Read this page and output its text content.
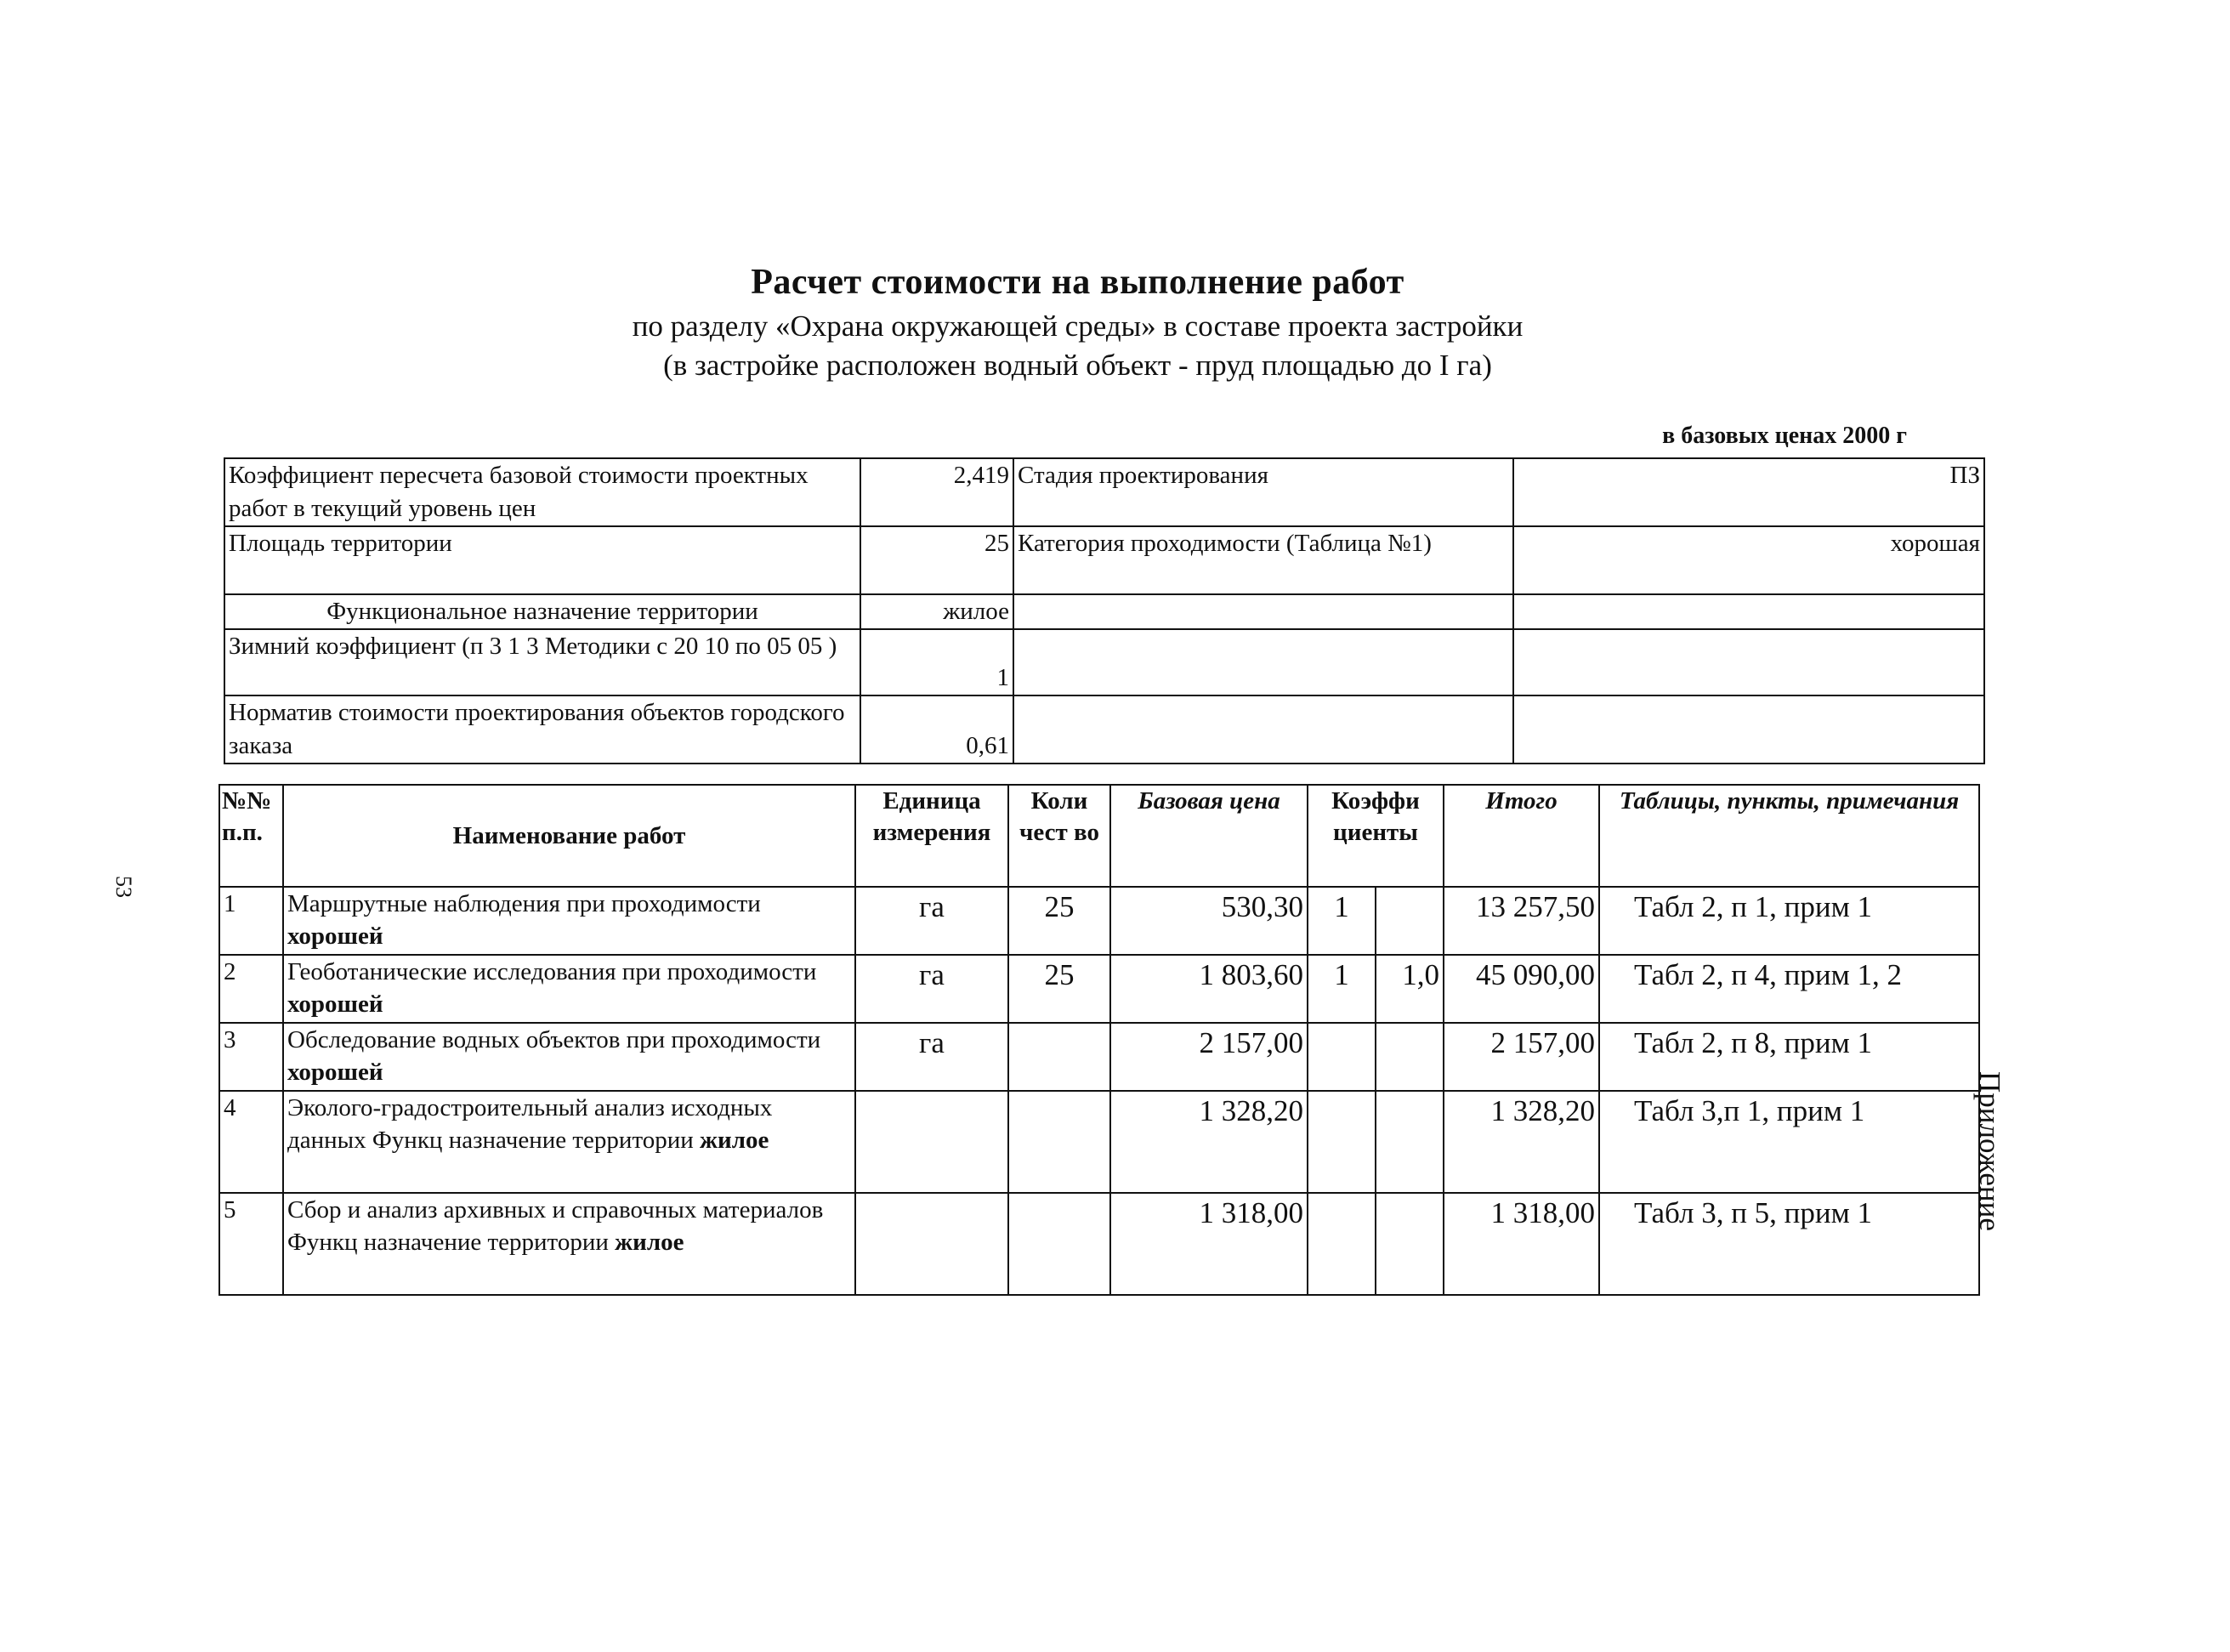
Расчет стоимости на выполнение работ
по разделу «Охрана окружающей среды» в составе проекта застройки
(в застройке расположен водный объект - пруд площадью до I га)
в базовых ценах 2000 г
Коэффициент пересчета базовой стоимости проектных работ в текущий уровень цен	2,419	Стадия проектирования	ПЗ
Площадь территории	25	Категория проходимости (Таблица №1)	хорошая
Функциональное назначение территории	жилое		
Зимний коэффициент (п 3 1 3 Методики с 20 10 по 05 05 )	1		
Норматив стоимости проектирования объектов городского заказа	0,61		
№№ п.п.	Наименование работ	Единица измерения	Коли чест во	Базовая цена	Коэффи циенты		Итого	Таблицы, пункты, примечания
1	Маршрутные наблюдения при проходимости хорошей	га	25	530,30	1		13 257,50	Табл 2, п 1, прим 1
2	Геоботанические исследования при проходимости хорошей	га	25	1 803,60	1	1,0	45 090,00	Табл 2, п 4, прим 1, 2
3	Обследование водных объектов при проходимости хорошей	га		2 157,00			2 157,00	Табл 2, п 8, прим 1
4	Эколого-градостроительный анализ исходных данных Функц назначение территории жилое			1 328,20			1 328,20	Табл 3,п 1, прим 1
5	Сбор и анализ архивных и справочных материалов Функц назначение территории жилое			1 318,00			1 318,00	Табл 3, п 5, прим 1	Приложение
53
